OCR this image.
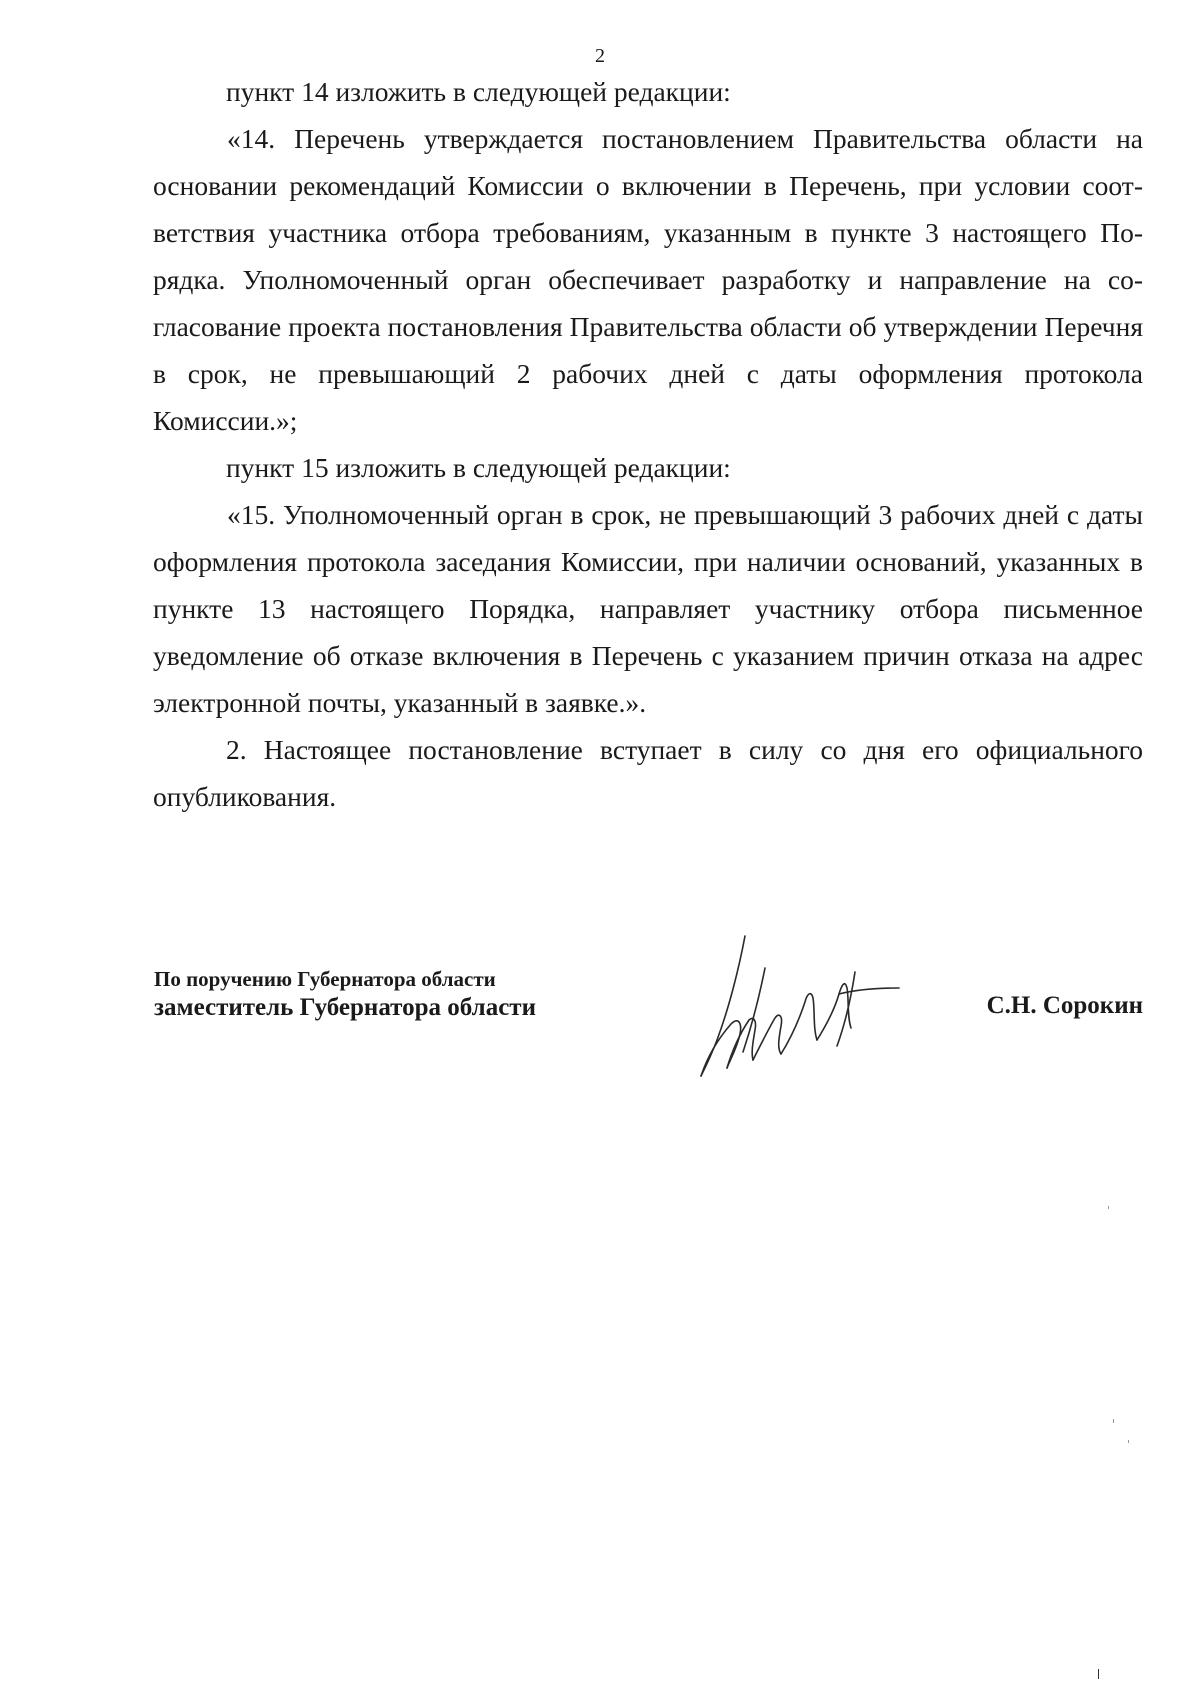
2

пункт 14 изложить в следующей редакции:

«14. Перечень утверждается постановлением Правительства области на основании рекомендаций Комиссии о включении в Перечень, при условии соответствия участника отбора требованиям, указанным в пункте 3 настоящего Порядка. Уполномоченный орган обеспечивает разработку и направление на согласование проекта постановления Правительства области об утверждении Перечня в срок, не превышающий 2 рабочих дней с даты оформления протокола Комиссии.»;

пункт 15 изложить в следующей редакции:

«15. Уполномоченный орган в срок, не превышающий 3 рабочих дней с даты оформления протокола заседания Комиссии, при наличии оснований, указанных в пункте 13 настоящего Порядка, направляет участнику отбора письменное уведомление об отказе включения в Перечень с указанием причин отказа на адрес электронной почты, указанный в заявке.».

2. Настоящее постановление вступает в силу со дня его официального опубликования.

По поручению Губернатора области
заместитель Губернатора области	С.Н. Сорокин
